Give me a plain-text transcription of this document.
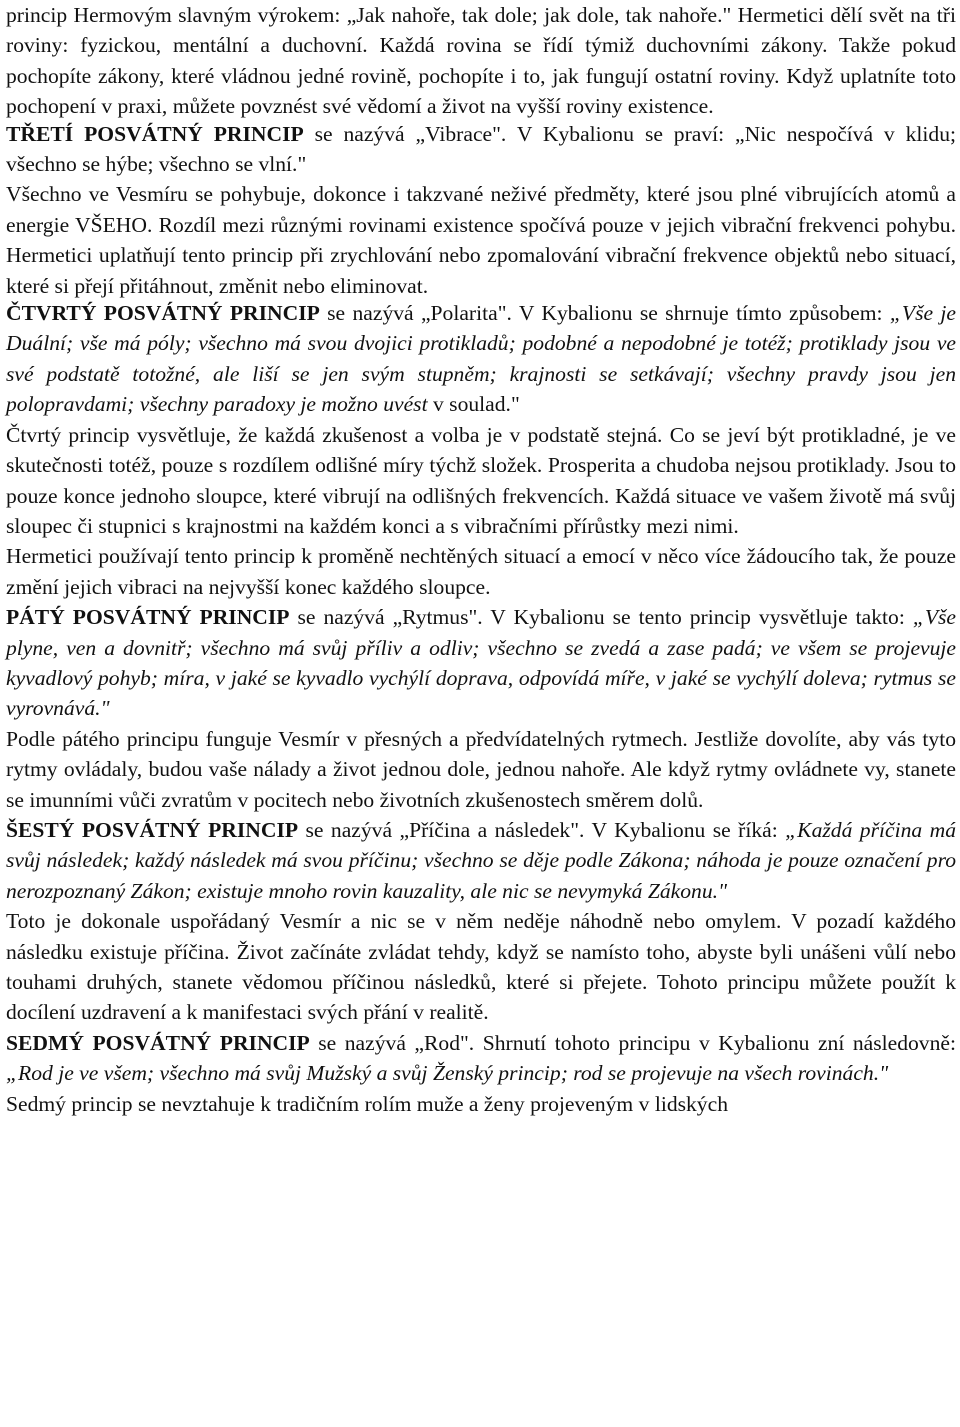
princip Hermovým slavným výrokem: „Jak nahoře, tak dole; jak dole, tak nahoře." Hermetici dělí svět na tři roviny: fyzickou, mentální a duchovní. Každá rovina se řídí týmiž duchovními zákony. Takže pokud pochopíte zákony, které vládnou jedné rovině, pochopíte i to, jak fungují ostatní roviny. Když uplatníte toto pochopení v praxi, můžete povznést své vědomí a život na vyšší roviny existence.

TŘETÍ POSVÁTNÝ PRINCIP se nazývá „Vibrace". V Kybalionu se praví: „Nic nespočívá v klidu; všechno se hýbe; všechno se vlní."

Všechno ve Vesmíru se pohybuje, dokonce i takzvané neživé předměty, které jsou plné vibrujících atomů a energie VŠEHO. Rozdíl mezi různými rovinami existence spočívá pouze v jejich vibrační frekvenci pohybu. Hermetici uplatňují tento princip při zrychlování nebo zpomalování vibrační frekvence objektů nebo situací, které si přejí přitáhnout, změnit nebo eliminovat.

ČTVRTÝ POSVÁTNÝ PRINCIP se nazývá „Polarita". V Kybalionu se shrnuje tímto způsobem: „Vše je Duální; vše má póly; všechno má svou dvojici protikladů; podobné a nepodobné je totéž; protiklady jsou ve své podstatě totožné, ale liší se jen svým stupněm; krajnosti se setkávají; všechny pravdy jsou jen polopravdami; všechny paradoxy je možno uvést v soulad."

Čtvrtý princip vysvětluje, že každá zkušenost a volba je v podstatě stejná. Co se jeví být protikladné, je ve skutečnosti totéž, pouze s rozdílem odlišné míry týchž složek. Prosperita a chudoba nejsou protiklady. Jsou to pouze konce jednoho sloupce, které vibrují na odlišných frekvencích. Každá situace ve vašem životě má svůj sloupec či stupnici s krajnostmi na každém konci a s vibračními přírůstky mezi nimi.

Hermetici používají tento princip k proměně nechtěných situací a emocí v něco více žádoucího tak, že pouze změní jejich vibraci na nejvyšší konec každého sloupce.

PÁTÝ POSVÁTNÝ PRINCIP se nazývá „Rytmus". V Kybalionu se tento princip vysvětluje takto: „Vše plyne, ven a dovnitř; všechno má svůj příliv a odliv; všechno se zvedá a zase padá; ve všem se projevuje kyvadlový pohyb; míra, v jaké se kyvadlo vychýlí doprava, odpovídá míře, v jaké se vychýlí doleva; rytmus se vyrovnává."

Podle pátého principu funguje Vesmír v přesných a předvídatelných rytmech. Jestliže dovolíte, aby vás tyto rytmy ovládaly, budou vaše nálady a život jednou dole, jednou nahoře. Ale když rytmy ovládnete vy, stanete se imunními vůči zvratům v pocitech nebo životních zkušenostech směrem dolů.

ŠESTÝ POSVÁTNÝ PRINCIP se nazývá „Příčina a následek". V Kybalionu se říká: „Každá příčina má svůj následek; každý následek má svou příčinu; všechno se děje podle Zákona; náhoda je pouze označení pro nerozpoznaný Zákon; existuje mnoho rovin kauzality, ale nic se nevymyká Zákonu."

Toto je dokonale uspořádaný Vesmír a nic se v něm neděje náhodně nebo omylem. V pozadí každého následku existuje příčina. Život začínáte zvládat tehdy, když se namísto toho, abyste byli unášeni vůlí nebo touhami druhých, stanete vědomou příčinou následků, které si přejete. Tohoto principu můžete použít k docílení uzdravení a k manifestaci svých přání v realitě.

SEDMÝ POSVÁTNÝ PRINCIP se nazývá „Rod". Shrnutí tohoto principu v Kybalionu zní následovně: „Rod je ve všem; všechno má svůj Mužský a svůj Ženský princip; rod se projevuje na všech rovinách."

Sedmý princip se nevztahuje k tradičním rolím muže a ženy projeveným v lidských
